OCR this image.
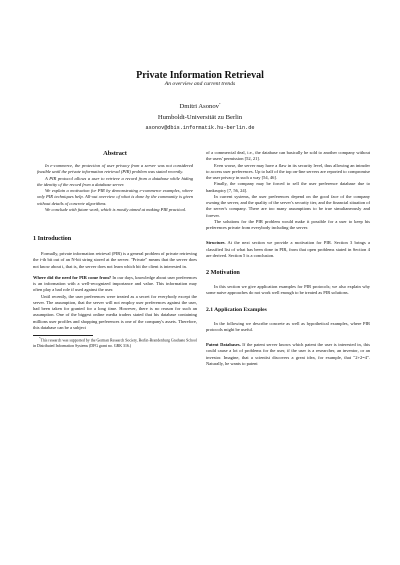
Private Information Retrieval
An overview and current trends
Dmitri Asonov*
Humboldt-Universität zu Berlin
asonov@dbis.informatik.hu-berlin.de
Abstract

In e-commerce, the protection of user privacy from a server was not considered feasible until the private information retrieval (PIR) problem was stated recently.

A PIR protocol allows a user to retrieve a record from a database while hiding the identity of the record from a database server.

We explain a motivation for PIR by demonstrating e-commerce examples, where only PIR techniques help. All-out overview of what is done by the community is given without details of concrete algorithms.

We conclude with future work, which is mostly aimed at making PIR practical.

1 Introduction

Formally, private information retrieval (PIR) is a general problem of private retrieving the i-th bit out of an N-bit string stored at the server. "Private" means that the server does not know about i, that is, the server does not learn which bit the client is interested in.

Where did the need for PIR come from? In our days, knowledge about user preferences is an information with a well-recognized importance and value. This information may often play a bad role if used against the user.

Until recently, the user preferences were treated as a secret for everybody except the server. The assumption, that the server will not employ user preferences against the user, had been taken for granted for a long time. However, there is no reason for such an assumption. One of the biggest online media traders stated that his database containing millions user profiles and shopping preferences is one of the company's assets. Therefore, this database can be a subject

*This research was supported by the German Research Society, Berlin-Brandenburg Graduate School in Distributed Information Systems (DFG grant no. GRK 316.)

of a commercial deal, i.e., the database can basically be sold to another company without the users' permission [52, 21].

Even worse, the server may have a flaw in its security level, thus allowing an intruder to access user preferences. Up to half of the top on-line servers are reported to compromise the user privacy in such a way [54, 46].

Finally, the company may be forced to sell the user preference database due to bankruptcy [7, 56, 24].

In current systems, the user preferences depend on the good face of the company owning the server, and the quality of the server's security tier, and the financial situation of the server's company. There are too many assumptions to be true simultaneously and forever.

The solutions for the PIR problem would make it possible for a user to keep his preferences private from everybody including the server.

Structure. At the next section we provide a motivation for PIR. Section 3 brings a classified list of what has been done in PIR, from that open problems stated in Section 4 are derived. Section 5 is a conclusion.

2 Motivation

In this section we give application examples for PIR protocols; we also explain why some naive approaches do not work well enough to be treated as PIR solutions.

2.1 Application Examples

In the following we describe concrete as well as hypothetical examples, where PIR protocols might be useful.

Patent Databases. If the patent server knows which patent the user is interested in, this could cause a lot of problems for the user, if the user is a researcher, an inventor, or an investor. Imagine, that a scientist discovers a great idea, for example, that "2+2=4". Naturally, he wants to patent
